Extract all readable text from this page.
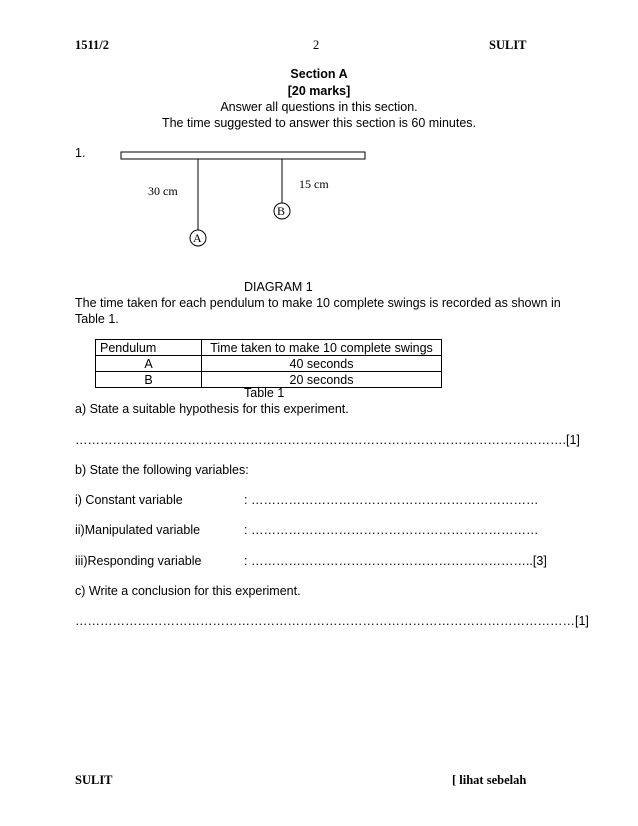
1511/2	2	SULIT
Section A
[20 marks]
Answer all questions in this section.
The time suggested to answer this section is 60 minutes.
1.
A
B
30 cm	15 cm
DIAGRAM 1
The time taken for each pendulum to make 10 complete swings is recorded as shown in
Table 1.
Pendulum	Time taken to make 10 complete swings
A	40 seconds
B	20 seconds
Table 1
a) State a suitable hypothesis for this experiment.
……………………………………………………………………………………………………….[1]
b) State the following variables:
i) Constant variable	: ……………………………………………………………
ii)Manipulated variable	: ……………………………………………………………
iii)Responding variable	: …………………………………………………………..[3]
c) Write a conclusion for this experiment.
…………………………………………………………………………………………………………[1]
SULIT	[ lihat sebelah
